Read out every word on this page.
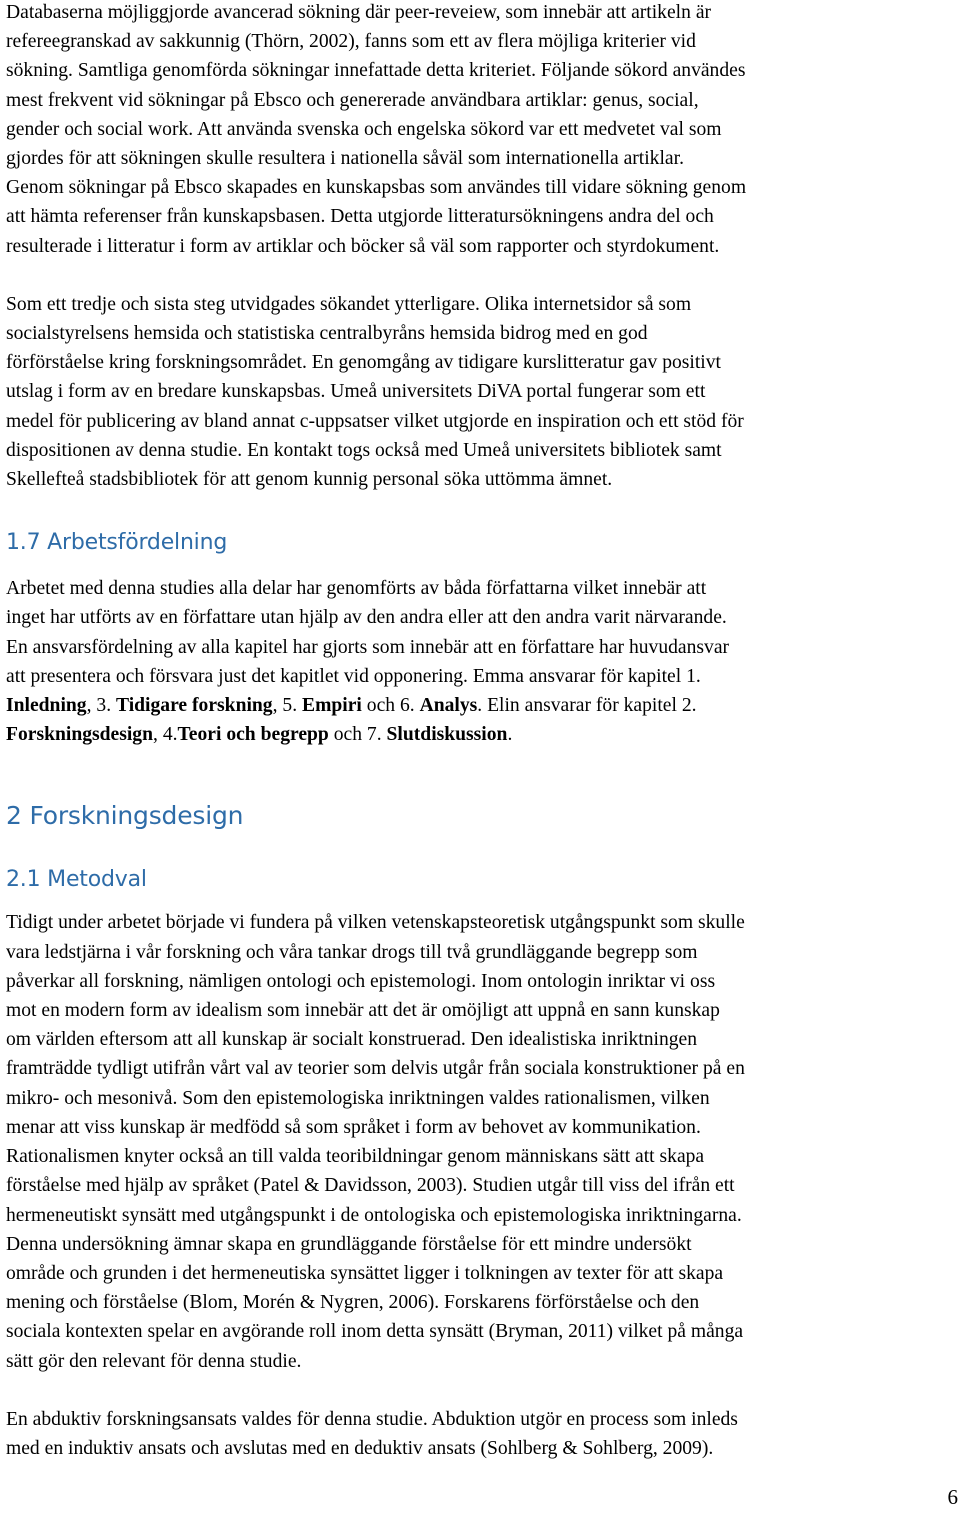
Databaserna möjliggjorde avancerad sökning där peer-reveiew, som innebär att artikeln är
refereegranskad av sakkunnig (Thörn, 2002), fanns som ett av flera möjliga kriterier vid
sökning. Samtliga genomförda sökningar innefattade detta kriteriet. Följande sökord användes
mest frekvent vid sökningar på Ebsco och genererade användbara artiklar: genus, social,
gender och social work. Att använda svenska och engelska sökord var ett medvetet val som
gjordes för att sökningen skulle resultera i nationella såväl som internationella artiklar.
Genom sökningar på Ebsco skapades en kunskapsbas som användes till vidare sökning genom
att hämta referenser från kunskapsbasen. Detta utgjorde litteratursökningens andra del och
resulterade i litteratur i form av artiklar och böcker så väl som rapporter och styrdokument.

Som ett tredje och sista steg utvidgades sökandet ytterligare. Olika internetsidor så som
socialstyrelsens hemsida och statistiska centralbyråns hemsida bidrog med en god
förförståelse kring forskningsområdet. En genomgång av tidigare kurslitteratur gav positivt
utslag i form av en bredare kunskapsbas. Umeå universitets DiVA portal fungerar som ett
medel för publicering av bland annat c-uppsatser vilket utgjorde en inspiration och ett stöd för
dispositionen av denna studie. En kontakt togs också med Umeå universitets bibliotek samt
Skellefteå stadsbibliotek för att genom kunnig personal söka uttömma ämnet.

1.7 Arbetsfördelning

Arbetet med denna studies alla delar har genomförts av båda författarna vilket innebär att
inget har utförts av en författare utan hjälp av den andra eller att den andra varit närvarande.
En ansvarsfördelning av alla kapitel har gjorts som innebär att en författare har huvudansvar
att presentera och försvara just det kapitlet vid opponering. Emma ansvarar för kapitel 1.
Inledning, 3. Tidigare forskning, 5. Empiri och 6. Analys. Elin ansvarar för kapitel 2.
Forskningsdesign, 4.Teori och begrepp och 7. Slutdiskussion.

2 Forskningsdesign
2.1 Metodval

Tidigt under arbetet började vi fundera på vilken vetenskapsteoretisk utgångspunkt som skulle
vara ledstjärna i vår forskning och våra tankar drogs till två grundläggande begrepp som
påverkar all forskning, nämligen ontologi och epistemologi. Inom ontologin inriktar vi oss
mot en modern form av idealism som innebär att det är omöjligt att uppnå en sann kunskap
om världen eftersom att all kunskap är socialt konstruerad. Den idealistiska inriktningen
framträdde tydligt utifrån vårt val av teorier som delvis utgår från sociala konstruktioner på en
mikro- och mesonivå. Som den epistemologiska inriktningen valdes rationalismen, vilken
menar att viss kunskap är medfödd så som språket i form av behovet av kommunikation.
Rationalismen knyter också an till valda teoribildningar genom människans sätt att skapa
förståelse med hjälp av språket (Patel & Davidsson, 2003). Studien utgår till viss del ifrån ett
hermeneutiskt synsätt med utgångspunkt i de ontologiska och epistemologiska inriktningarna.
Denna undersökning ämnar skapa en grundläggande förståelse för ett mindre undersökt
område och grunden i det hermeneutiska synsättet ligger i tolkningen av texter för att skapa
mening och förståelse (Blom, Morén & Nygren, 2006). Forskarens förförståelse och den
sociala kontexten spelar en avgörande roll inom detta synsätt (Bryman, 2011) vilket på många
sätt gör den relevant för denna studie.

En abduktiv forskningsansats valdes för denna studie. Abduktion utgör en process som inleds
med en induktiv ansats och avslutas med en deduktiv ansats (Sohlberg & Sohlberg, 2009).

6
